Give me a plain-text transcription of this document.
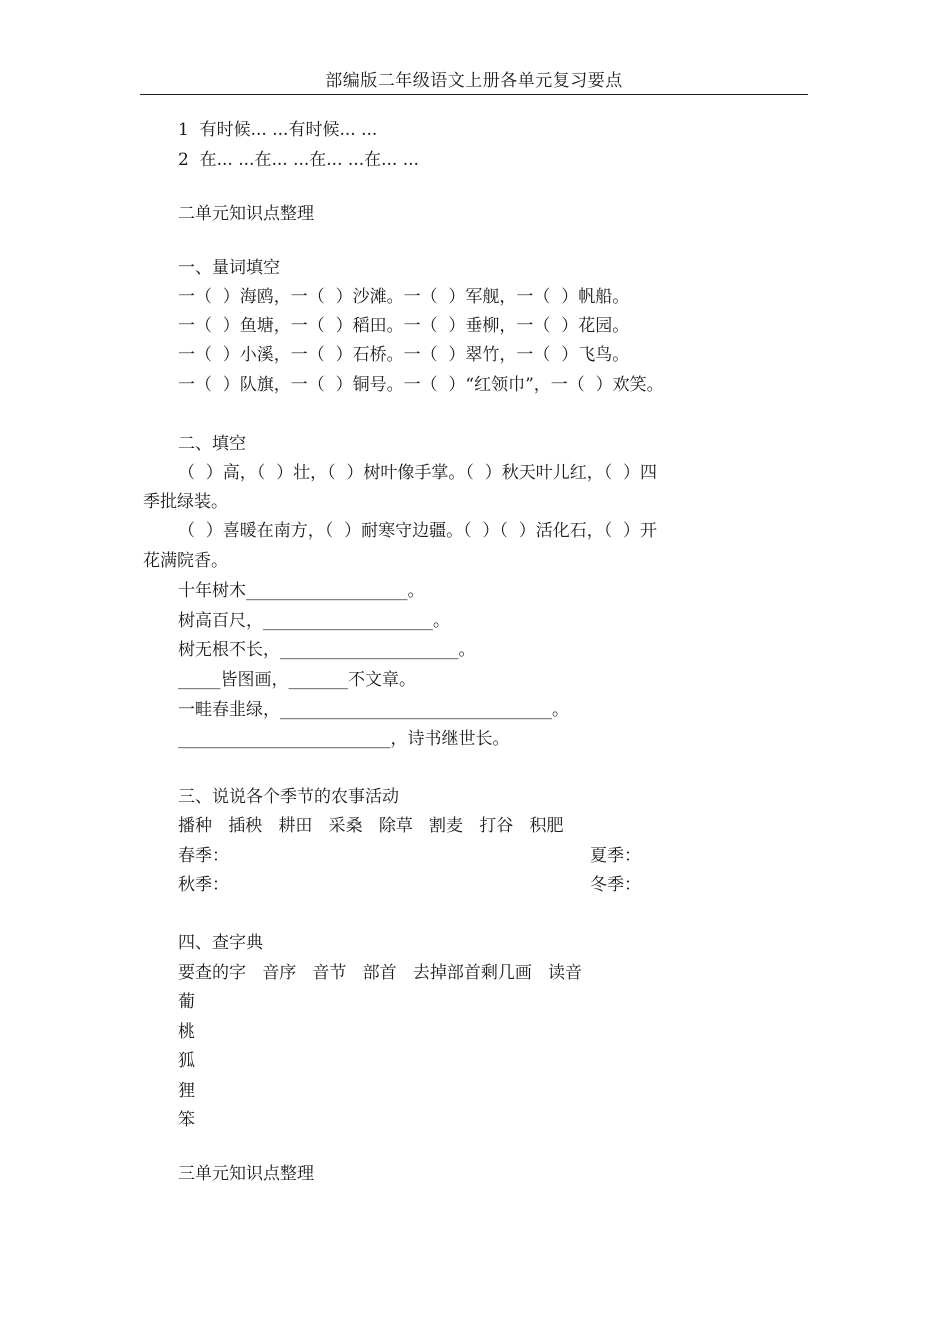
部编版二年级语文上册各单元复习要点
1  有时候... ...有时候... ...
2  在... ...在... ...在... ...在... ...
二单元知识点整理
一、量词填空
一（  ）海鸥，一（  ）沙滩。一（  ）军舰，一（  ）帆船。
一（  ）鱼塘，一（  ）稻田。一（  ）垂柳，一（  ）花园。
一（  ）小溪，一（  ）石桥。一（  ）翠竹，一（  ）飞鸟。
一（  ）队旗，一（  ）铜号。一（  ）“红领巾”，一（  ）欢笑。
二、填空
（  ）高，（  ）壮，（  ）树叶像手掌。（  ）秋天叶儿红，（  ）四
季批绿装。
（  ）喜暖在南方，（  ）耐寒守边疆。（  ）（  ）活化石，（  ）开
花满院香。
十年树木___________________。
树高百尺，____________________。
树无根不长，_____________________。
_____皆图画，_______不文章。
一畦春韭绿，________________________________。
_________________________，诗书继世长。
三、说说各个季节的农事活动
播种   插秧   耕田   采桑   除草   割麦   打谷   积肥
春季：	夏季：
秋季：	冬季：
四、查字典
要查的字   音序   音节   部首   去掉部首剩几画   读音
葡
桃
狐
狸
笨
三单元知识点整理
